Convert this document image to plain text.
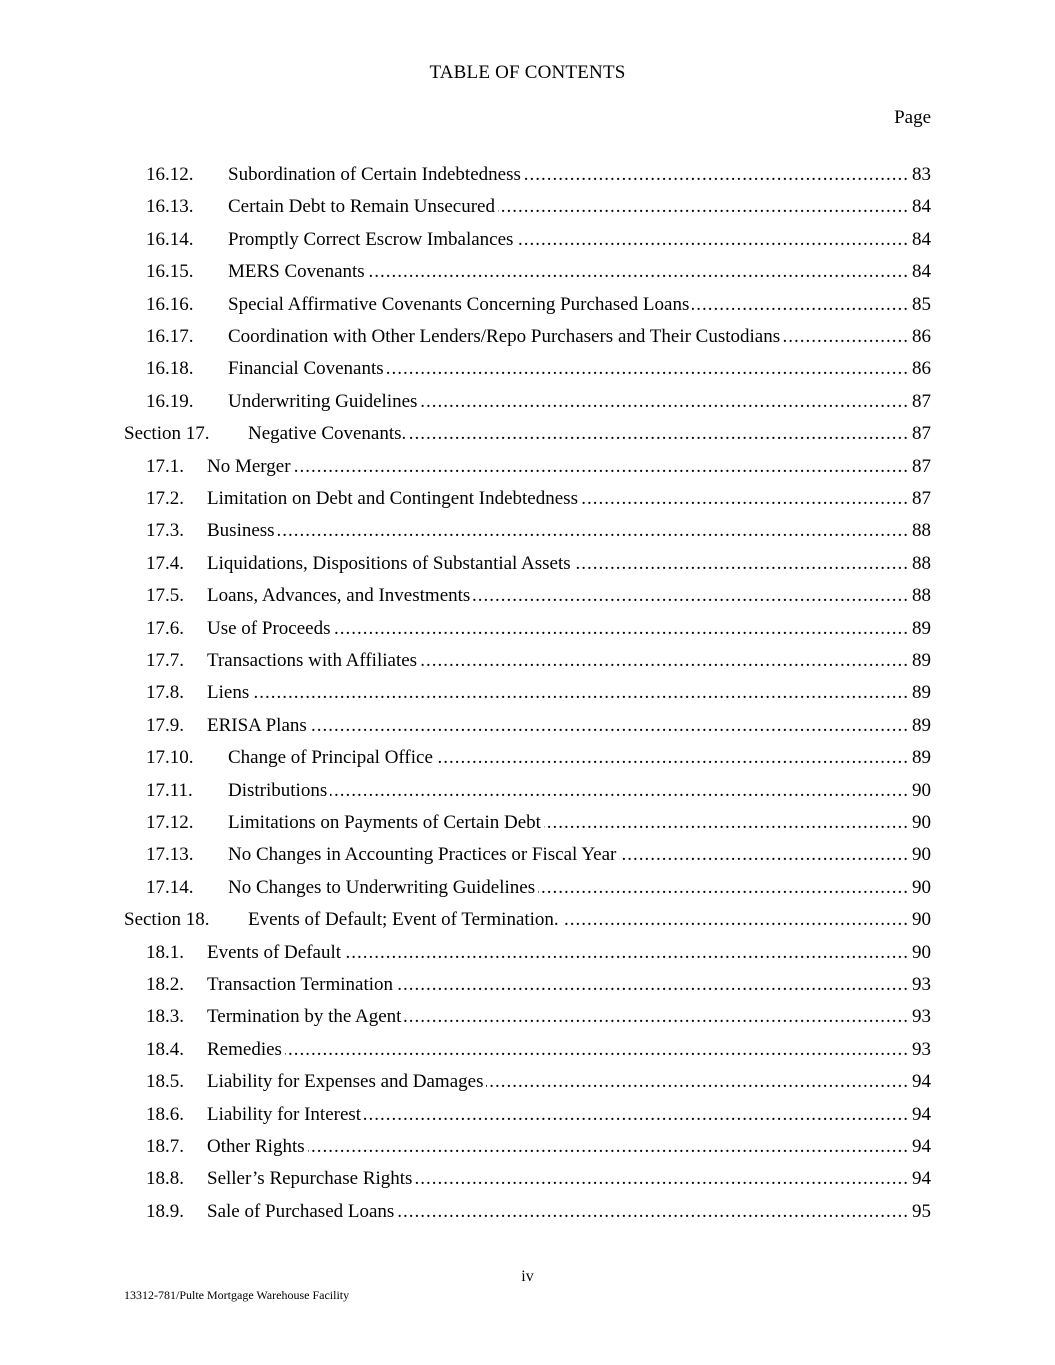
TABLE OF CONTENTS
Page
16.12. Subordination of Certain Indebtedness .....	83
16.13. Certain Debt to Remain Unsecured .....	84
16.14. Promptly Correct Escrow Imbalances .....	84
16.15. MERS Covenants .....	84
16.16. Special Affirmative Covenants Concerning Purchased Loans .....	85
16.17. Coordination with Other Lenders/Repo Purchasers and Their Custodians .....	86
16.18. Financial Covenants .....	86
16.19. Underwriting Guidelines .....	87
Section 17. Negative Covenants. .....	87
17.1. No Merger .....	87
17.2. Limitation on Debt and Contingent Indebtedness .....	87
17.3. Business .....	88
17.4. Liquidations, Dispositions of Substantial Assets .....	88
17.5. Loans, Advances, and Investments .....	88
17.6. Use of Proceeds .....	89
17.7. Transactions with Affiliates .....	89
17.8. Liens .....	89
17.9. ERISA Plans .....	89
17.10. Change of Principal Office .....	89
17.11. Distributions .....	90
17.12. Limitations on Payments of Certain Debt .....	90
17.13. No Changes in Accounting Practices or Fiscal Year .....	90
17.14. No Changes to Underwriting Guidelines .....	90
Section 18. Events of Default; Event of Termination. .....	90
18.1. Events of Default .....	90
18.2. Transaction Termination .....	93
18.3. Termination by the Agent .....	93
18.4. Remedies .....	93
18.5. Liability for Expenses and Damages .....	94
18.6. Liability for Interest .....	94
18.7. Other Rights .....	94
18.8. Seller’s Repurchase Rights .....	94
18.9. Sale of Purchased Loans .....	95
iv
13312-781/Pulte Mortgage Warehouse Facility
